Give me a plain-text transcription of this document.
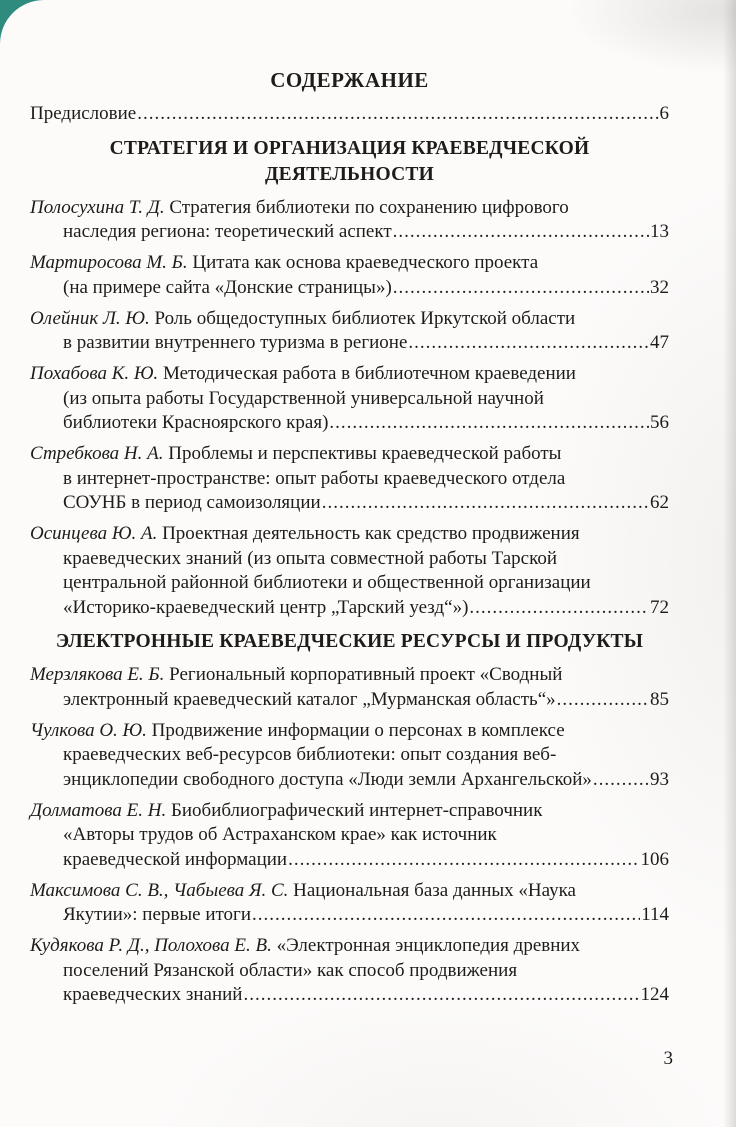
СОДЕРЖАНИЕ
Предисловие .....	6
СТРАТЕГИЯ И ОРГАНИЗАЦИЯ КРАЕВЕДЧЕСКОЙ
ДЕЯТЕЛЬНОСТИ
Полосухина Т. Д. Стратегия библиотеки по сохранению цифрового
наследия региона: теоретический аспект .....	13
Мартиросова М. Б. Цитата как основа краеведческого проекта
(на примере сайта «Донские страницы») .....	32
Олейник Л. Ю. Роль общедоступных библиотек Иркутской области
в развитии внутреннего туризма в регионе .....	47
Похабова К. Ю. Методическая работа в библиотечном краеведении
(из опыта работы Государственной универсальной научной
библиотеки Красноярского края) .....	56
Стребкова Н. А. Проблемы и перспективы краеведческой работы
в интернет-пространстве: опыт работы краеведческого отдела
СОУНБ в период самоизоляции .....	62
Осинцева Ю. А. Проектная деятельность как средство продвижения
краеведческих знаний (из опыта совместной работы Тарской
центральной районной библиотеки и общественной организации
«Историко-краеведческий центр „Тарский уезд“») .....	72
ЭЛЕКТРОННЫЕ КРАЕВЕДЧЕСКИЕ РЕСУРСЫ И ПРОДУКТЫ
Мерзлякова Е. Б. Региональный корпоративный проект «Сводный
электронный краеведческий каталог „Мурманская область“» .....	85
Чулкова О. Ю. Продвижение информации о персонах в комплексе
краеведческих веб-ресурсов библиотеки: опыт создания веб-
энциклопедии свободного доступа «Люди земли Архангельской» .....	93
Долматова Е. Н. Биобиблиографический интернет-справочник
«Авторы трудов об Астраханском крае» как источник
краеведческой информации .....	106
Максимова С. В., Чабыева Я. С. Национальная база данных «Наука
Якутии»: первые итоги .....	114
Кудякова Р. Д., Полохова Е. В. «Электронная энциклопедия древних
поселений Рязанской области» как способ продвижения
краеведческих знаний .....	124
3
